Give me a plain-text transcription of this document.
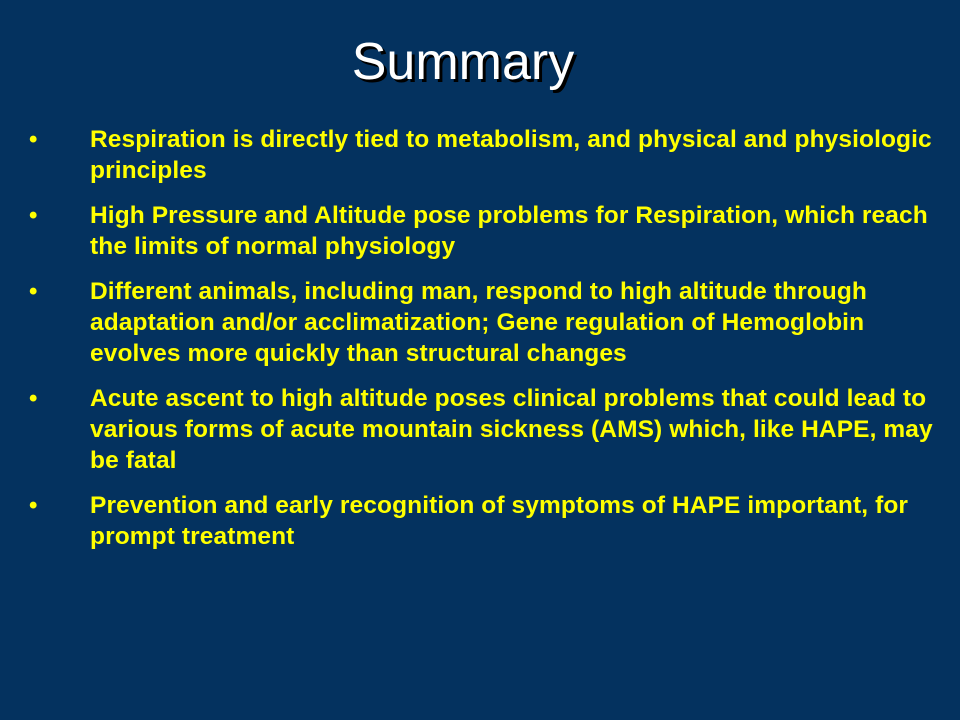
Summary
• Respiration is directly tied to metabolism, and physical and physiologic principles
• High Pressure and Altitude pose problems for Respiration, which reach the limits of normal physiology
• Different animals, including man, respond to high altitude through adaptation and/or acclimatization; Gene regulation of Hemoglobin evolves more quickly than structural changes
• Acute ascent to high altitude poses clinical problems that could lead to various forms of acute mountain sickness (AMS) which, like HAPE, may be fatal
• Prevention and early recognition of symptoms of HAPE important, for prompt treatment
